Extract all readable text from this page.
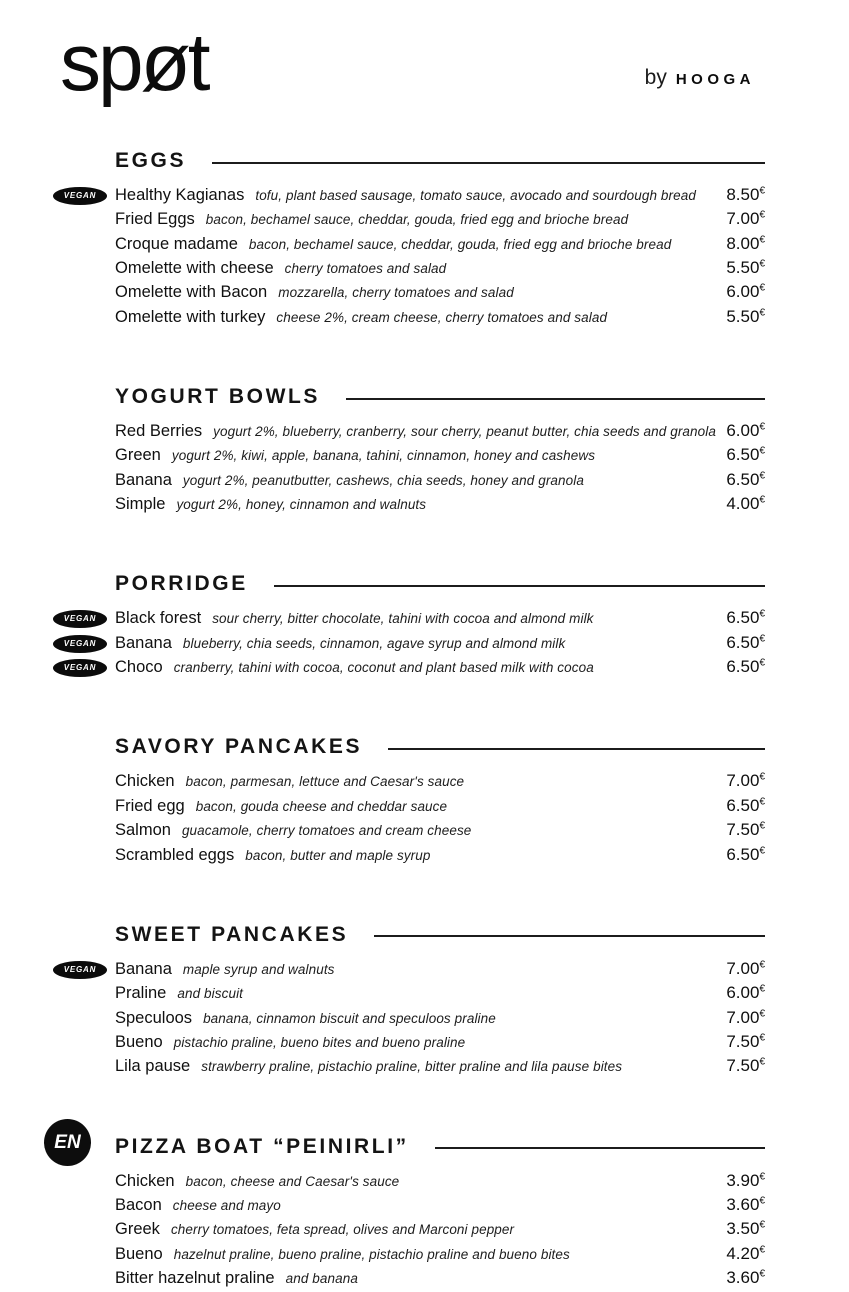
spøt	by HOOGA
EGGS
VEGAN	Healthy Kagianas tofu, plant based sausage, tomato sauce, avocado and sourdough bread 8.50€
Fried Eggs bacon, bechamel sauce, cheddar, gouda, fried egg and brioche bread	7.00€
Croque madame bacon, bechamel sauce, cheddar, gouda, fried egg and brioche bread	8.00€
Omelette with cheese cherry tomatoes and salad	5.50€
Omelette with Bacon mozzarella, cherry tomatoes and salad	6.00€
Omelette with turkey cheese 2%, cream cheese, cherry tomatoes and salad	5.50€
YOGURT BOWLS
Red Berries yogurt 2%, blueberry, cranberry, sour cherry, peanut butter, chia seeds and granola 6.00€
Green yogurt 2%, kiwi, apple, banana, tahini, cinnamon, honey and cashews	6.50€
Banana yogurt 2%, peanutbutter, cashews, chia seeds, honey and granola	6.50€
Simple yogurt 2%, honey, cinnamon and walnuts	4.00€
PORRIDGE
VEGAN	Black forest sour cherry, bitter chocolate, tahini with cocoa and almond milk	6.50€
VEGAN	Banana blueberry, chia seeds, cinnamon, agave syrup and almond milk	6.50€
VEGAN	Choco cranberry, tahini with cocoa, coconut and plant based milk with cocoa	6.50€
SAVORY PANCAKES
Chicken bacon, parmesan, lettuce and Caesar's sauce	7.00€
Fried egg bacon, gouda cheese and cheddar sauce	6.50€
Salmon guacamole, cherry tomatoes and cream cheese	7.50€
Scrambled eggs bacon, butter and maple syrup	6.50€
SWEET PANCAKES
VEGAN	Banana maple syrup and walnuts	7.00€
Praline and biscuit	6.00€
Speculoos banana, cinnamon biscuit and speculoos praline	7.00€
Bueno pistachio praline, bueno bites and bueno praline	7.50€
Lila pause strawberry praline, pistachio praline, bitter praline and lila pause bites	7.50€
PIZZA BOAT “PEINIRLI”
Chicken bacon, cheese and Caesar's sauce	3.90€
Bacon cheese and mayo	3.60€
Greek cherry tomatoes, feta spread, olives and Marconi pepper	3.50€
Bueno hazelnut praline, bueno praline, pistachio praline and bueno bites	4.20€
Bitter hazelnut praline and banana	3.60€
EN
